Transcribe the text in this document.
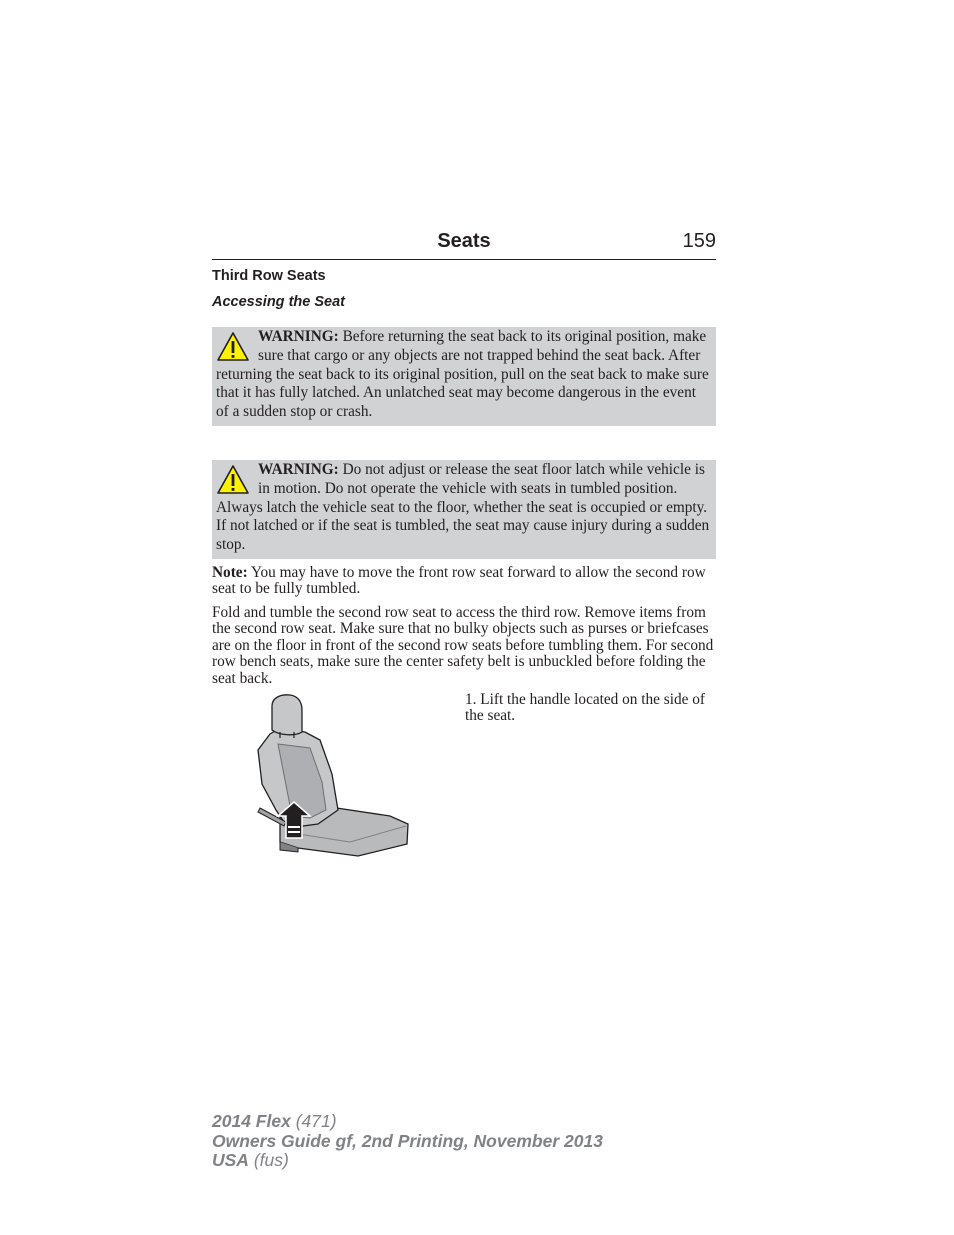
Seats	159
Third Row Seats
Accessing the Seat
WARNING: Before returning the seat back to its original position, make sure that cargo or any objects are not trapped behind the seat back. After returning the seat back to its original position, pull on the seat back to make sure that it has fully latched. An unlatched seat may become dangerous in the event of a sudden stop or crash.
WARNING: Do not adjust or release the seat floor latch while vehicle is in motion. Do not operate the vehicle with seats in tumbled position. Always latch the vehicle seat to the floor, whether the seat is occupied or empty. If not latched or if the seat is tumbled, the seat may cause injury during a sudden stop.
Note: You may have to move the front row seat forward to allow the second row seat to be fully tumbled.
Fold and tumble the second row seat to access the third row. Remove items from the second row seat. Make sure that no bulky objects such as purses or briefcases are on the floor in front of the second row seats before tumbling them. For second row bench seats, make sure the center safety belt is unbuckled before folding the seat back.
1. Lift the handle located on the side of the seat.
2014 Flex (471)
Owners Guide gf, 2nd Printing, November 2013
USA (fus)
